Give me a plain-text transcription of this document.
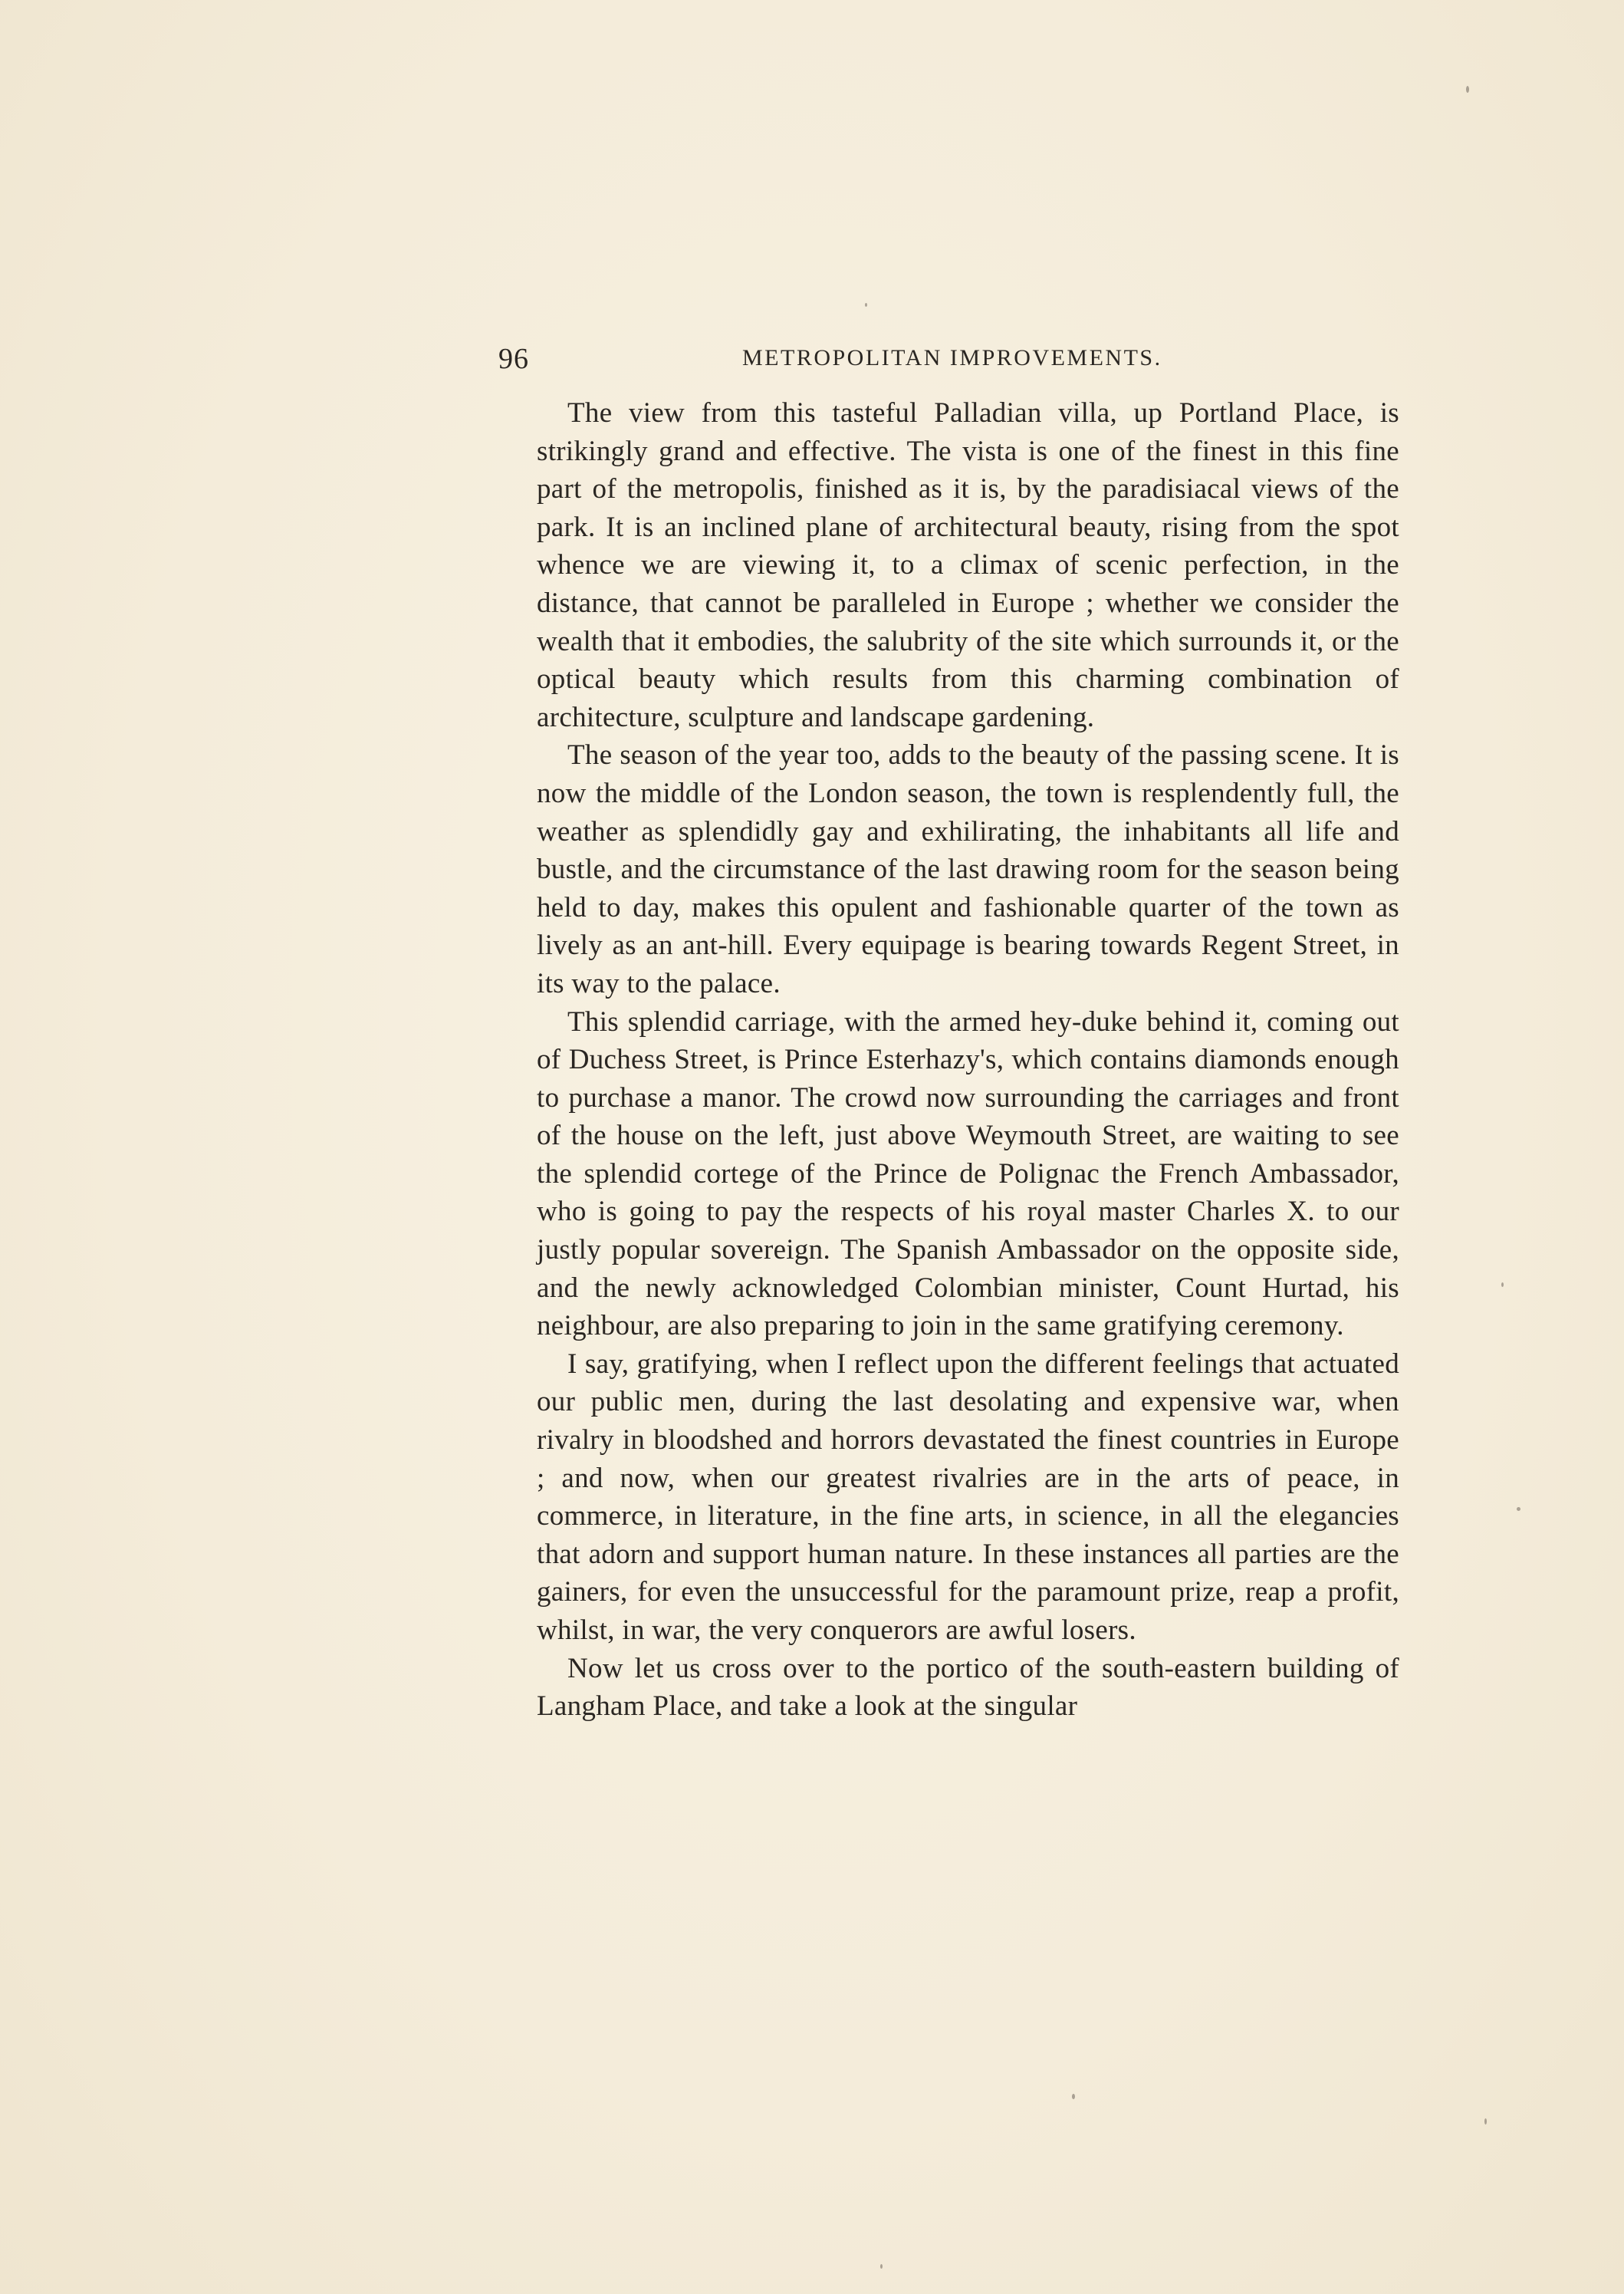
96	METROPOLITAN IMPROVEMENTS.

The view from this tasteful Palladian villa, up Portland Place, is strikingly grand and effective. The vista is one of the finest in this fine part of the metropolis, finished as it is, by the paradisiacal views of the park. It is an inclined plane of architectural beauty, rising from the spot whence we are viewing it, to a climax of scenic perfection, in the distance, that cannot be paralleled in Europe ; whether we consider the wealth that it embodies, the salubrity of the site which surrounds it, or the optical beauty which results from this charming combination of architecture, sculpture and landscape gardening.

The season of the year too, adds to the beauty of the passing scene. It is now the middle of the London season, the town is resplendently full, the weather as splendidly gay and exhilirating, the inhabitants all life and bustle, and the circumstance of the last drawing room for the season being held to day, makes this opulent and fashionable quarter of the town as lively as an ant-hill. Every equipage is bearing towards Regent Street, in its way to the palace.

This splendid carriage, with the armed hey-duke behind it, coming out of Duchess Street, is Prince Esterhazy's, which contains diamonds enough to purchase a manor. The crowd now surrounding the carriages and front of the house on the left, just above Weymouth Street, are waiting to see the splendid cortege of the Prince de Polignac the French Ambassador, who is going to pay the respects of his royal master Charles X. to our justly popular sovereign. The Spanish Ambassador on the opposite side, and the newly acknowledged Colombian minister, Count Hurtad, his neighbour, are also preparing to join in the same gratifying ceremony.

I say, gratifying, when I reflect upon the different feelings that actuated our public men, during the last desolating and expensive war, when rivalry in bloodshed and horrors devastated the finest countries in Europe ; and now, when our greatest rivalries are in the arts of peace, in commerce, in literature, in the fine arts, in science, in all the elegancies that adorn and support human nature. In these instances all parties are the gainers, for even the unsuccessful for the paramount prize, reap a profit, whilst, in war, the very conquerors are awful losers.

Now let us cross over to the portico of the south-eastern building of Langham Place, and take a look at the singular
